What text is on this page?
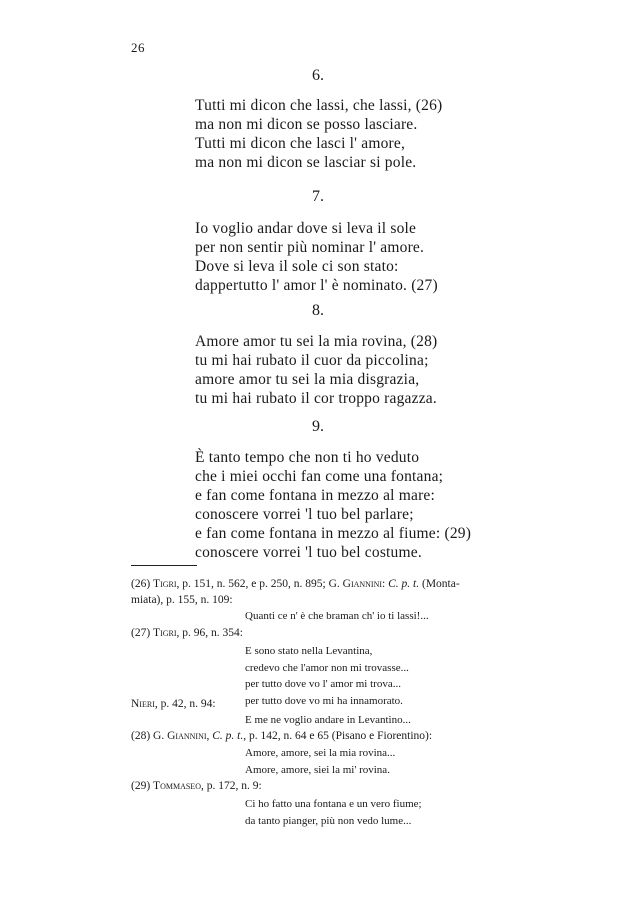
26
6.
Tutti mi dicon che lassi, che lassi, (26)
ma non mi dicon se posso lasciare.
Tutti mi dicon che lasci l' amore,
ma non mi dicon se lasciar si pole.
7.
Io voglio andar dove si leva il sole
per non sentir più nominar l' amore.
Dove si leva il sole ci son stato:
dappertutto l' amor l' è nominato. (27)
8.
Amore amor tu sei la mia rovina, (28)
tu mi hai rubato il cuor da piccolina;
amore amor tu sei la mia disgrazia,
tu mi hai rubato il cor troppo ragazza.
9.
È tanto tempo che non ti ho veduto
che i miei occhi fan come una fontana;
e fan come fontana in mezzo al mare:
conoscere vorrei 'l tuo bel parlare;
e fan come fontana in mezzo al fiume: (29)
conoscere vorrei 'l tuo bel costume.
(26) Tigri, p. 151, n. 562, e p. 250, n. 895; G. Giannini: C. p. t. (Monta-
miata), p. 155, n. 109:
Quanti ce n' è che braman ch' io ti lassi!...
(27) Tigri, p. 96, n. 354:
E sono stato nella Levantina,
credevo che l'amor non mi trovasse...
per tutto dove vo l' amor mi trova...
per tutto dove vo mi ha innamorato.
Nieri, p. 42, n. 94:
E me ne voglio andare in Levantino...
(28) G. Giannini, C. p. t., p. 142, n. 64 e 65 (Pisano e Fiorentino):
Amore, amore, sei la mia rovina...
Amore, amore, siei la mi' rovina.
(29) Tommaseo, p. 172, n. 9:
Ci ho fatto una fontana e un vero fiume;
da tanto pianger, più non vedo lume...
